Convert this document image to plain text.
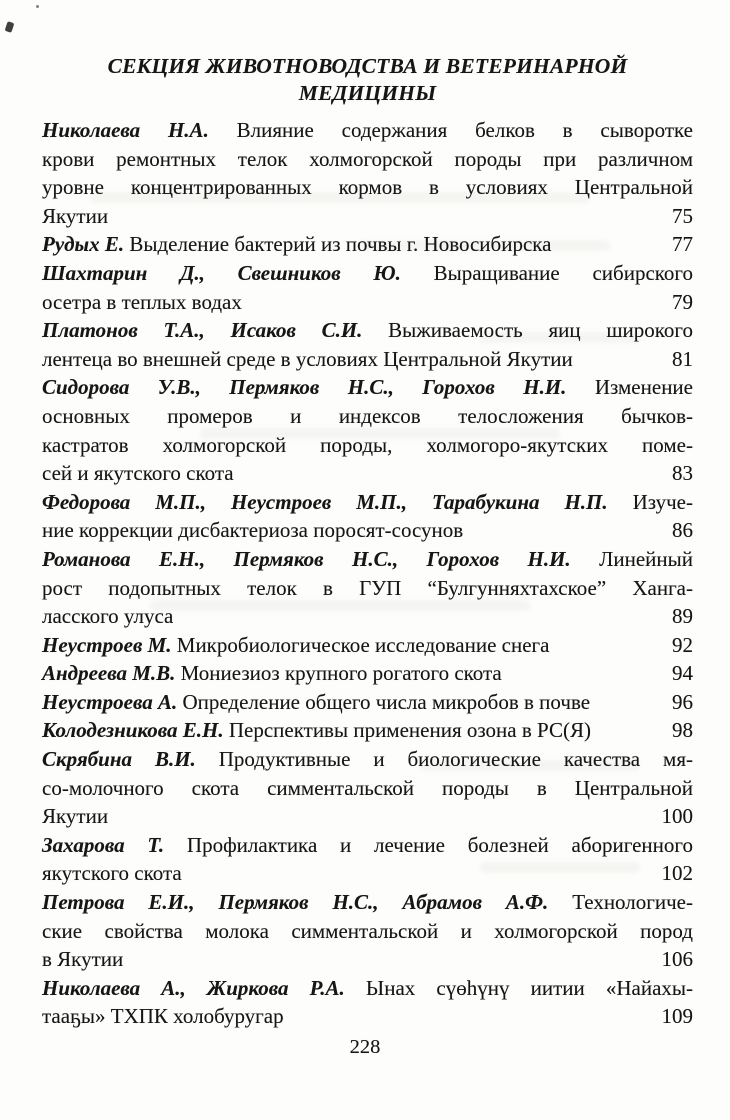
СЕКЦИЯ ЖИВОТНОВОДСТВА И ВЕТЕРИНАРНОЙ МЕДИЦИНЫ
Николаева Н.А. Влияние содержания белков в сыворотке
крови ремонтных телок холмогорской породы при различном
уровне концентрированных кормов в условиях Центральной
Якутии	75
Рудых Е. Выделение бактерий из почвы г. Новосибирска	77
Шахтарин Д., Свешников Ю. Выращивание сибирского
осетра в теплых водах	79
Платонов Т.А., Исаков С.И. Выживаемость яиц широкого
лентеца во внешней среде в условиях Центральной Якутии	81
Сидорова У.В., Пермяков Н.С., Горохов Н.И. Изменение
основных промеров и индексов телосложения бычков-
кастратов холмогорской породы, холмогоро-якутских поме-
сей и якутского скота	83
Федорова М.П., Неустроев М.П., Тарабукина Н.П. Изуче-
ние коррекции дисбактериоза поросят-сосунов	86
Романова Е.Н., Пермяков Н.С., Горохов Н.И. Линейный
рост подопытных телок в ГУП “Булгунняхтахское” Ханга-
ласского улуса	89
Неустроев М. Микробиологическое исследование снега	92
Андреева М.В. Мониезиоз крупного рогатого скота	94
Неустроева А. Определение общего числа микробов в почве	96
Колодезникова Е.Н. Перспективы применения озона в РС(Я)	98
Скрябина В.И. Продуктивные и биологические качества мя-
со-молочного скота симментальской породы в Центральной
Якутии	100
Захарова Т. Профилактика и лечение болезней аборигенного
якутского скота	102
Петрова Е.И., Пермяков Н.С., Абрамов А.Ф. Технологиче-
ские свойства молока симментальской и холмогорской пород
в Якутии	106
Николаева А., Жиркова Р.А. Ынах сүөһүнү иитии «Найахы-
тааҕы» ТХПК холобуругар	109
228
